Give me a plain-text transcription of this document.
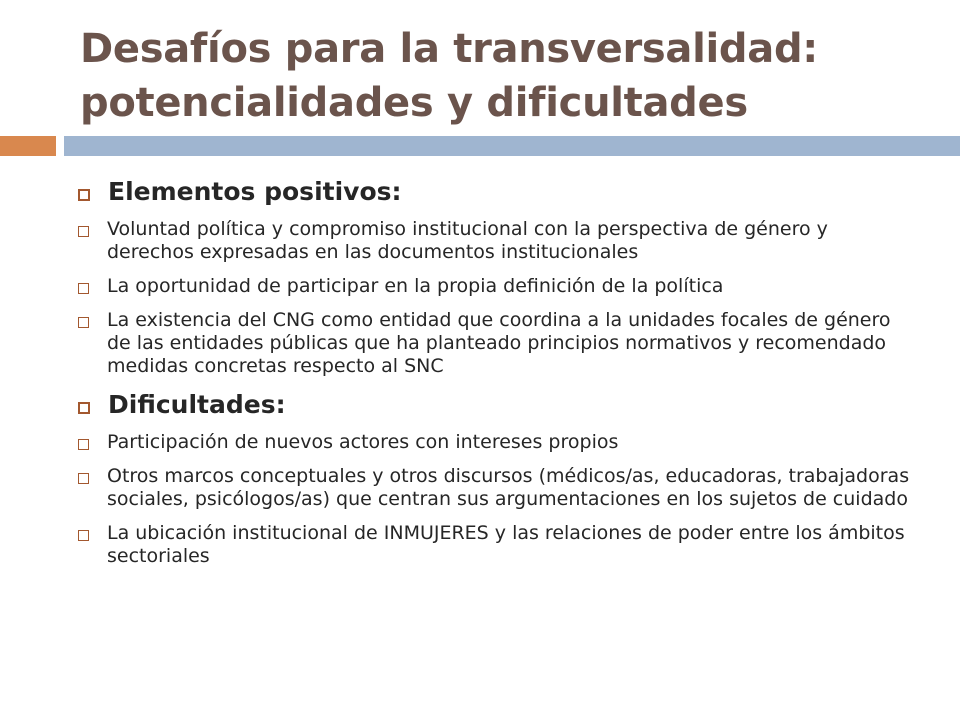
Desafíos para la transversalidad:
potencialidades y dificultades
Elementos positivos:
Voluntad política y compromiso institucional con la perspectiva de género y derechos expresadas en las documentos institucionales
La oportunidad de participar en la propia definición de la política
La existencia del CNG como entidad que coordina a la unidades focales de género de las entidades públicas que ha planteado principios normativos y recomendado medidas concretas respecto al SNC
Dificultades:
Participación de nuevos actores con intereses propios
Otros marcos conceptuales y otros discursos (médicos/as, educadoras, trabajadoras sociales, psicólogos/as) que centran sus argumentaciones en los sujetos de cuidado
La ubicación institucional de INMUJERES y las relaciones de poder entre los ámbitos sectoriales
